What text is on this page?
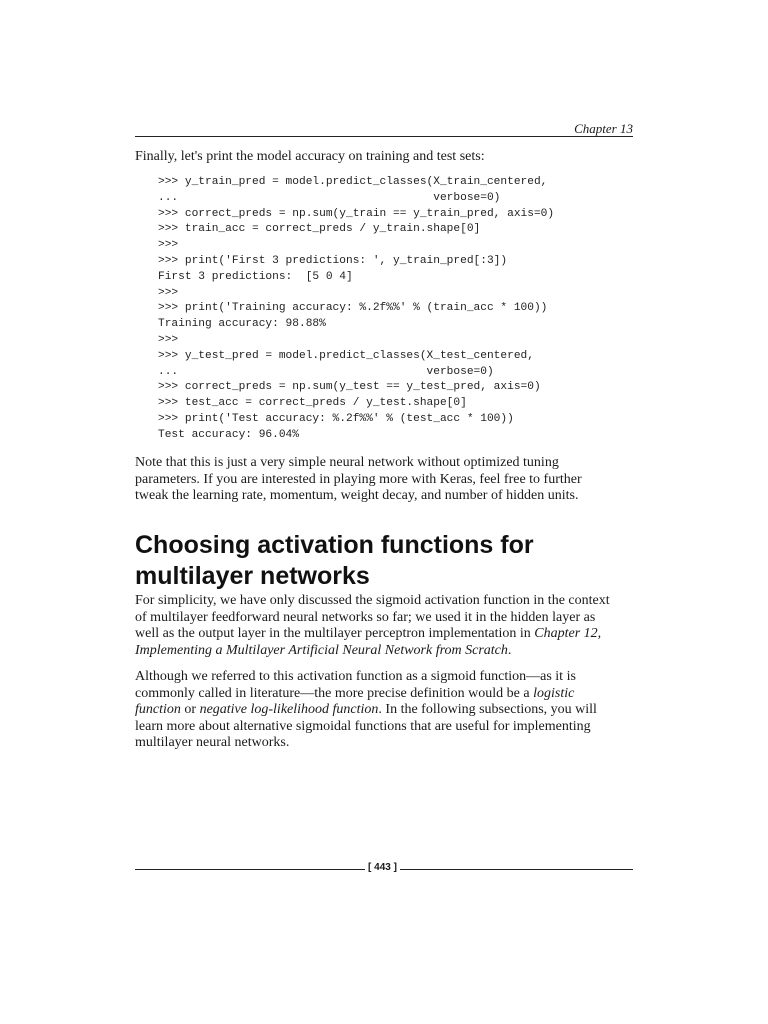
Chapter 13
Finally, let's print the model accuracy on training and test sets:
>>> y_train_pred = model.predict_classes(X_train_centered,
...                                      verbose=0)
>>> correct_preds = np.sum(y_train == y_train_pred, axis=0)
>>> train_acc = correct_preds / y_train.shape[0]
>>>
>>> print('First 3 predictions: ', y_train_pred[:3])
First 3 predictions:  [5 0 4]
>>>
>>> print('Training accuracy: %.2f%%' % (train_acc * 100))
Training accuracy: 98.88%
>>>
>>> y_test_pred = model.predict_classes(X_test_centered,
...                                     verbose=0)
>>> correct_preds = np.sum(y_test == y_test_pred, axis=0)
>>> test_acc = correct_preds / y_test.shape[0]
>>> print('Test accuracy: %.2f%%' % (test_acc * 100))
Test accuracy: 96.04%
Note that this is just a very simple neural network without optimized tuning
parameters. If you are interested in playing more with Keras, feel free to further
tweak the learning rate, momentum, weight decay, and number of hidden units.
Choosing activation functions for
multilayer networks
For simplicity, we have only discussed the sigmoid activation function in the context
of multilayer feedforward neural networks so far; we used it in the hidden layer as
well as the output layer in the multilayer perceptron implementation in Chapter 12,
Implementing a Multilayer Artificial Neural Network from Scratch.
Although we referred to this activation function as a sigmoid function—as it is
commonly called in literature—the more precise definition would be a logistic
function or negative log-likelihood function. In the following subsections, you will
learn more about alternative sigmoidal functions that are useful for implementing
multilayer neural networks.
[ 443 ]
